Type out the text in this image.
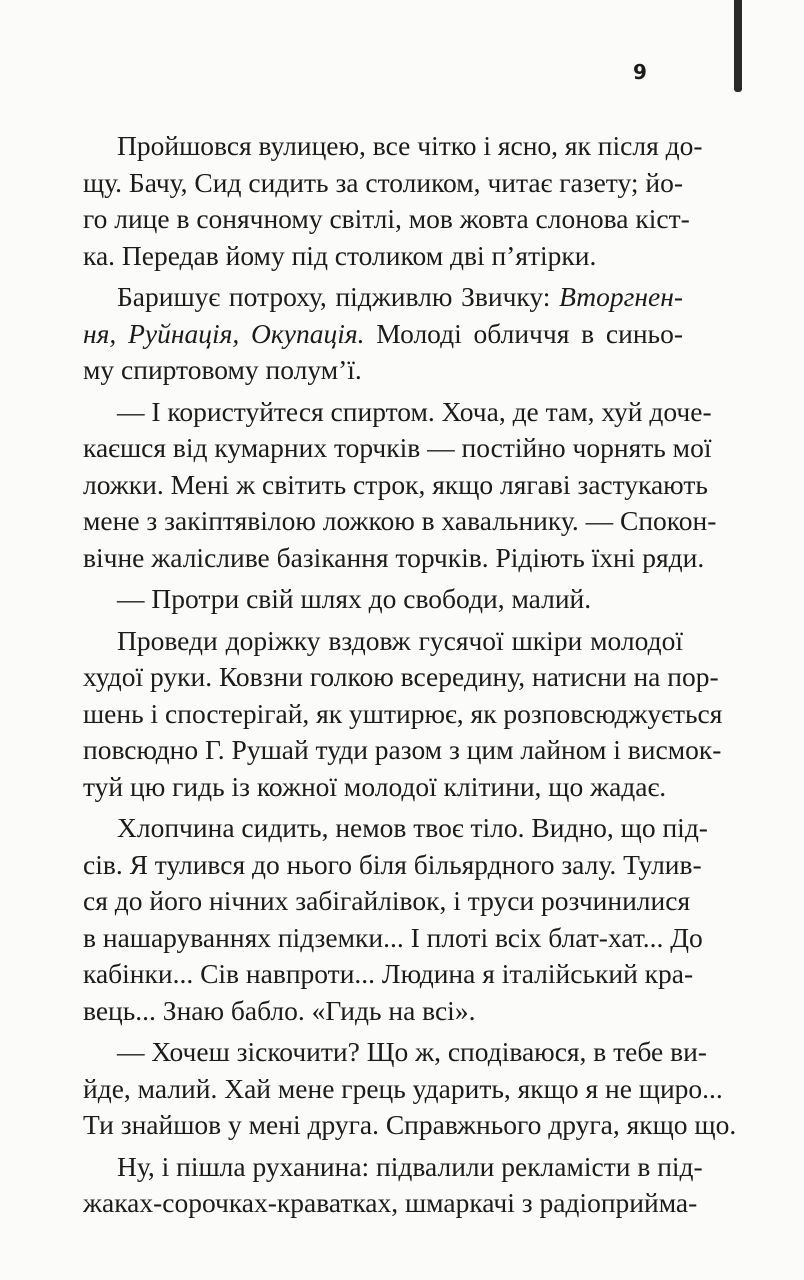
9
Пройшовся вулицею, все чітко і ясно, як після до-
щу. Бачу, Сид сидить за столиком, читає газету; йо-
го лице в сонячному світлі, мов жовта слонова кіст-
ка. Передав йому під столиком дві п’ятірки.
Баришує потроху, підживлю Звичку: Вторгнен-
ня, Руйнація, Окупація. Молоді обличчя в синьо-
му спиртовому полум’ї.
— І користуйтеся спиртом. Хоча, де там, хуй доче-
каєшся від кумарних торчків — постійно чорнять мої
ложки. Мені ж світить строк, якщо лягаві застукають
мене з закіптявілою ложкою в хавальнику. — Спокон-
вічне жалісливе базікання торчків. Рідіють їхні ряди.
— Протри свій шлях до свободи, малий.
Проведи доріжку вздовж гусячої шкіри молодої
худої руки. Ковзни голкою всередину, натисни на пор-
шень і спостерігай, як уштирює, як розповсюджується
повсюдно Г. Рушай туди разом з цим лайном і висмок-
туй цю гидь із кожної молодої клітини, що жадає.
Хлопчина сидить, немов твоє тіло. Видно, що під-
сів. Я тулився до нього біля більярдного залу. Тулив-
ся до його нічних забігайлівок, і труси розчинилися
в нашаруваннях підземки... І плоті всіх блат-хат... До
кабінки... Сів навпроти... Людина я італійський кра-
вець... Знаю бабло. «Гидь на всі».
— Хочеш зіскочити? Що ж, сподіваюся, в тебе ви-
йде, малий. Хай мене грець ударить, якщо я не щиро...
Ти знайшов у мені друга. Справжнього друга, якщо що.
Ну, і пішла руханина: підвалили рекламісти в під-
жаках-сорочках-краватках, шмаркачі з радіоприйма-
